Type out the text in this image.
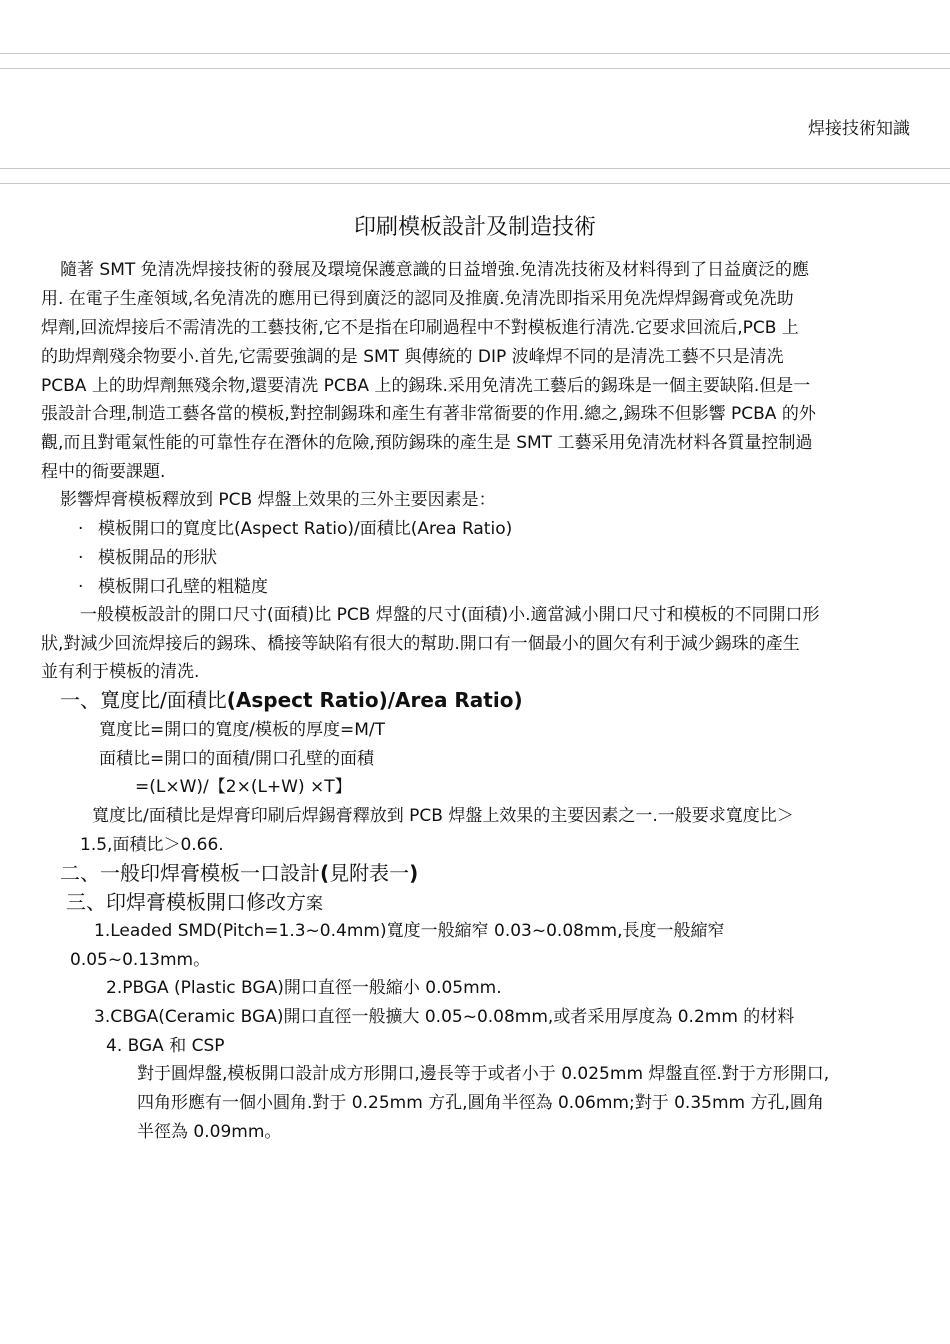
焊接技術知識
印刷模板設計及制造技術
隨著 SMT 免清冼焊接技術的發展及環境保護意識的日益增強.免清冼技術及材料得到了日益廣泛的應
用. 在電子生產領域,名免清冼的應用已得到廣泛的認同及推廣.免清冼即指采用免冼焊焊錫膏或免冼助
焊劑,回流焊接后不需清冼的工藝技術,它不是指在印刷過程中不對模板進行清冼.它要求回流后,PCB 上
的助焊劑殘余物要小.首先,它需要強調的是 SMT 與傳統的 DIP 波峰焊不同的是清冼工藝不只是清冼
PCBA 上的助焊劑無殘余物,還要清冼 PCBA 上的錫珠.采用免清冼工藝后的錫珠是一個主要缺陷.但是一
張設計合理,制造工藝各當的模板,對控制錫珠和產生有著非常衙要的作用.總之,錫珠不但影響 PCBA 的外
觀,而且對電氣性能的可靠性存在潛休的危險,預防錫珠的產生是 SMT 工藝采用免清冼材料各質量控制過
程中的衙要課題.
影響焊膏模板釋放到 PCB 焊盤上效果的三外主要因素是：
· 模板開口的寬度比(Aspect Ratio)/面積比(Area Ratio)
· 模板開品的形狀
· 模板開口孔壁的粗糙度
一般模板設計的開口尺寸(面積)比 PCB 焊盤的尺寸(面積)小.適當減小開口尺寸和模板的不同開口形
狀,對減少回流焊接后的錫珠、橋接等缺陷有很大的幫助.開口有一個最小的圓欠有利于減少錫珠的產生
並有利于模板的清冼.
一、寬度比/面積比(Aspect Ratio)/Area Ratio)
寬度比=開口的寬度/模板的厚度=M/T
面積比=開口的面積/開口孔壁的面積
=(L×W)/【2×(L+W) ×T】
寬度比/面積比是焊膏印刷后焊錫膏釋放到 PCB 焊盤上效果的主要因素之一.一般要求寬度比＞
1.5,面積比＞0.66.
二、一般印焊膏模板一口設計(見附表一)
三、印焊膏模板開口修改方案
1.Leaded SMD(Pitch=1.3~0.4mm)寬度一般縮窄 0.03~0.08mm,長度一般縮窄
0.05~0.13mm。
2.PBGA (Plastic BGA)開口直徑一般縮小 0.05mm.
3.CBGA(Ceramic BGA)開口直徑一般擴大 0.05~0.08mm,或者采用厚度為 0.2mm 的材料
4. BGA 和 CSP
對于圓焊盤,模板開口設計成方形開口,邊長等于或者小于 0.025mm 焊盤直徑.對于方形開口,
四角形應有一個小圓角.對于 0.25mm 方孔,圓角半徑為 0.06mm;對于 0.35mm 方孔,圓角
半徑為 0.09mm。
